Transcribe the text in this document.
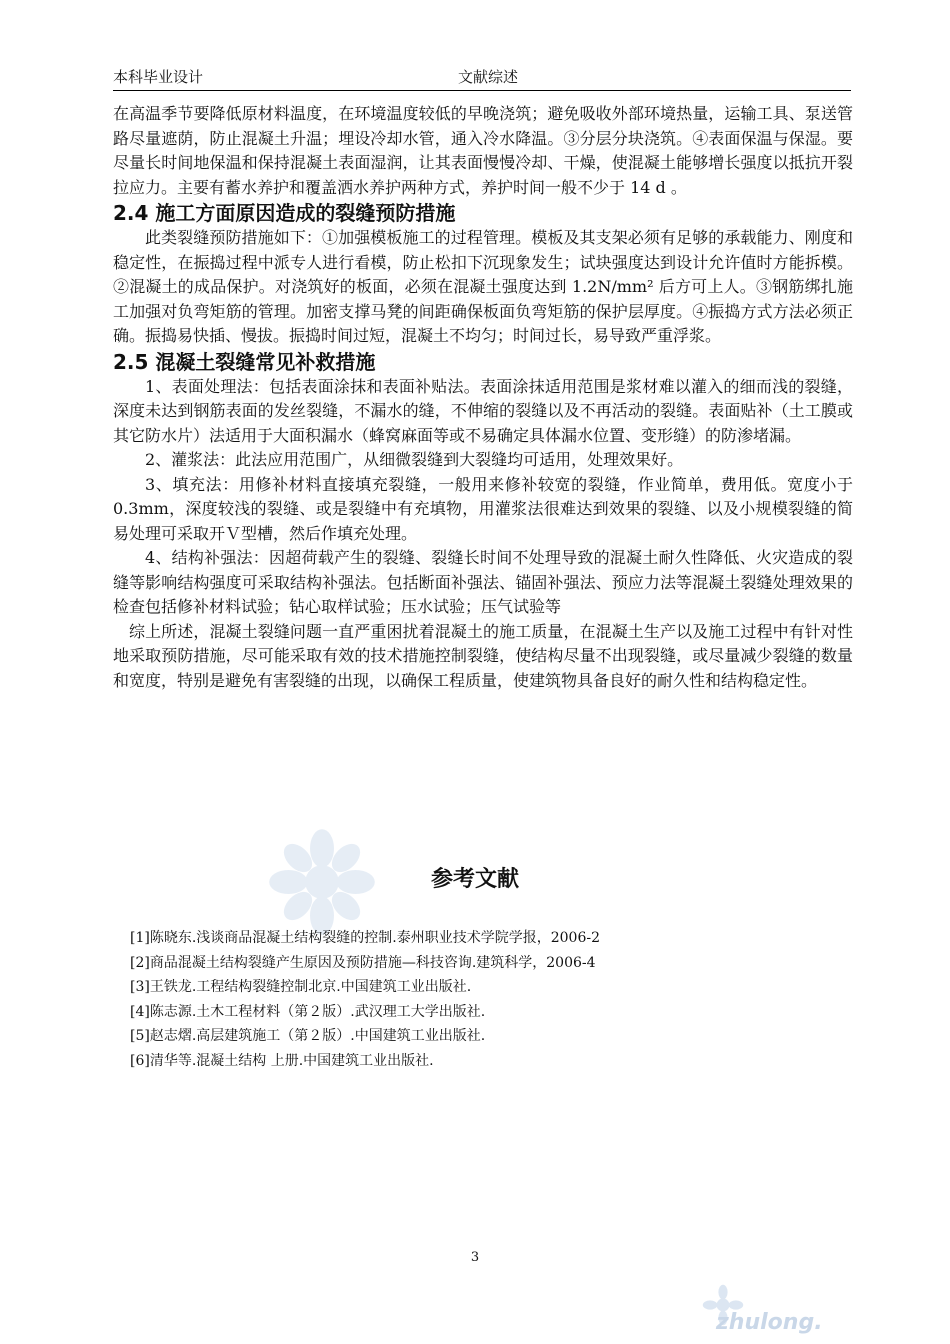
本科毕业设计	文献综述

在高温季节要降低原材料温度，在环境温度较低的早晚浇筑；避免吸收外部环境热量，运输工具、泵送管路尽量遮荫，防止混凝土升温；埋设冷却水管，通入冷水降温。③分层分块浇筑。④表面保温与保湿。要尽量长时间地保温和保持混凝土表面湿润，让其表面慢慢冷却、干燥，使混凝土能够增长强度以抵抗开裂拉应力。主要有蓄水养护和覆盖洒水养护两种方式，养护时间一般不少于 14 d 。

2.4 施工方面原因造成的裂缝预防措施

此类裂缝预防措施如下：①加强模板施工的过程管理。模板及其支架必须有足够的承载能力、刚度和稳定性，在振捣过程中派专人进行看模，防止松扣下沉现象发生；试块强度达到设计允许值时方能拆模。②混凝土的成品保护。对浇筑好的板面，必须在混凝土强度达到 1.2N/mm² 后方可上人。③钢筋绑扎施工加强对负弯矩筋的管理。加密支撑马凳的间距确保板面负弯矩筋的保护层厚度。④振捣方式方法必须正确。振捣易快插、慢拔。振捣时间过短，混凝土不均匀；时间过长，易导致严重浮浆。

2.5 混凝土裂缝常见补救措施

1、表面处理法：包括表面涂抹和表面补贴法。表面涂抹适用范围是浆材难以灌入的细而浅的裂缝，深度未达到钢筋表面的发丝裂缝，不漏水的缝，不伸缩的裂缝以及不再活动的裂缝。表面贴补（土工膜或其它防水片）法适用于大面积漏水（蜂窝麻面等或不易确定具体漏水位置、变形缝）的防渗堵漏。

2、灌浆法：此法应用范围广，从细微裂缝到大裂缝均可适用，处理效果好。

3、填充法：用修补材料直接填充裂缝，一般用来修补较宽的裂缝，作业简单，费用低。宽度小于 0.3mm，深度较浅的裂缝、或是裂缝中有充填物，用灌浆法很难达到效果的裂缝、以及小规模裂缝的简易处理可采取开Ｖ型槽，然后作填充处理。

4、结构补强法：因超荷载产生的裂缝、裂缝长时间不处理导致的混凝土耐久性降低、火灾造成的裂缝等影响结构强度可采取结构补强法。包括断面补强法、锚固补强法、预应力法等混凝土裂缝处理效果的检查包括修补材料试验；钻心取样试验；压水试验；压气试验等

综上所述，混凝土裂缝问题一直严重困扰着混凝土的施工质量，在混凝土生产以及施工过程中有针对性地采取预防措施，尽可能采取有效的技术措施控制裂缝，使结构尽量不出现裂缝，或尽量减少裂缝的数量和宽度，特别是避免有害裂缝的出现，以确保工程质量，使建筑物具备良好的耐久性和结构稳定性。

参考文献
[1]陈晓东.浅谈商品混凝土结构裂缝的控制.泰州职业技术学院学报，2006-2
[2]商品混凝土结构裂缝产生原因及预防措施—科技咨询.建筑科学，2006-4
[3]王铁龙.工程结构裂缝控制北京.中国建筑工业出版社.
[4]陈志源.土木工程材料（第２版）.武汉理工大学出版社.
[5]赵志熠.高层建筑施工（第２版）.中国建筑工业出版社.
[6]清华等.混凝土结构 上册.中国建筑工业出版社.
3
zhulong.
